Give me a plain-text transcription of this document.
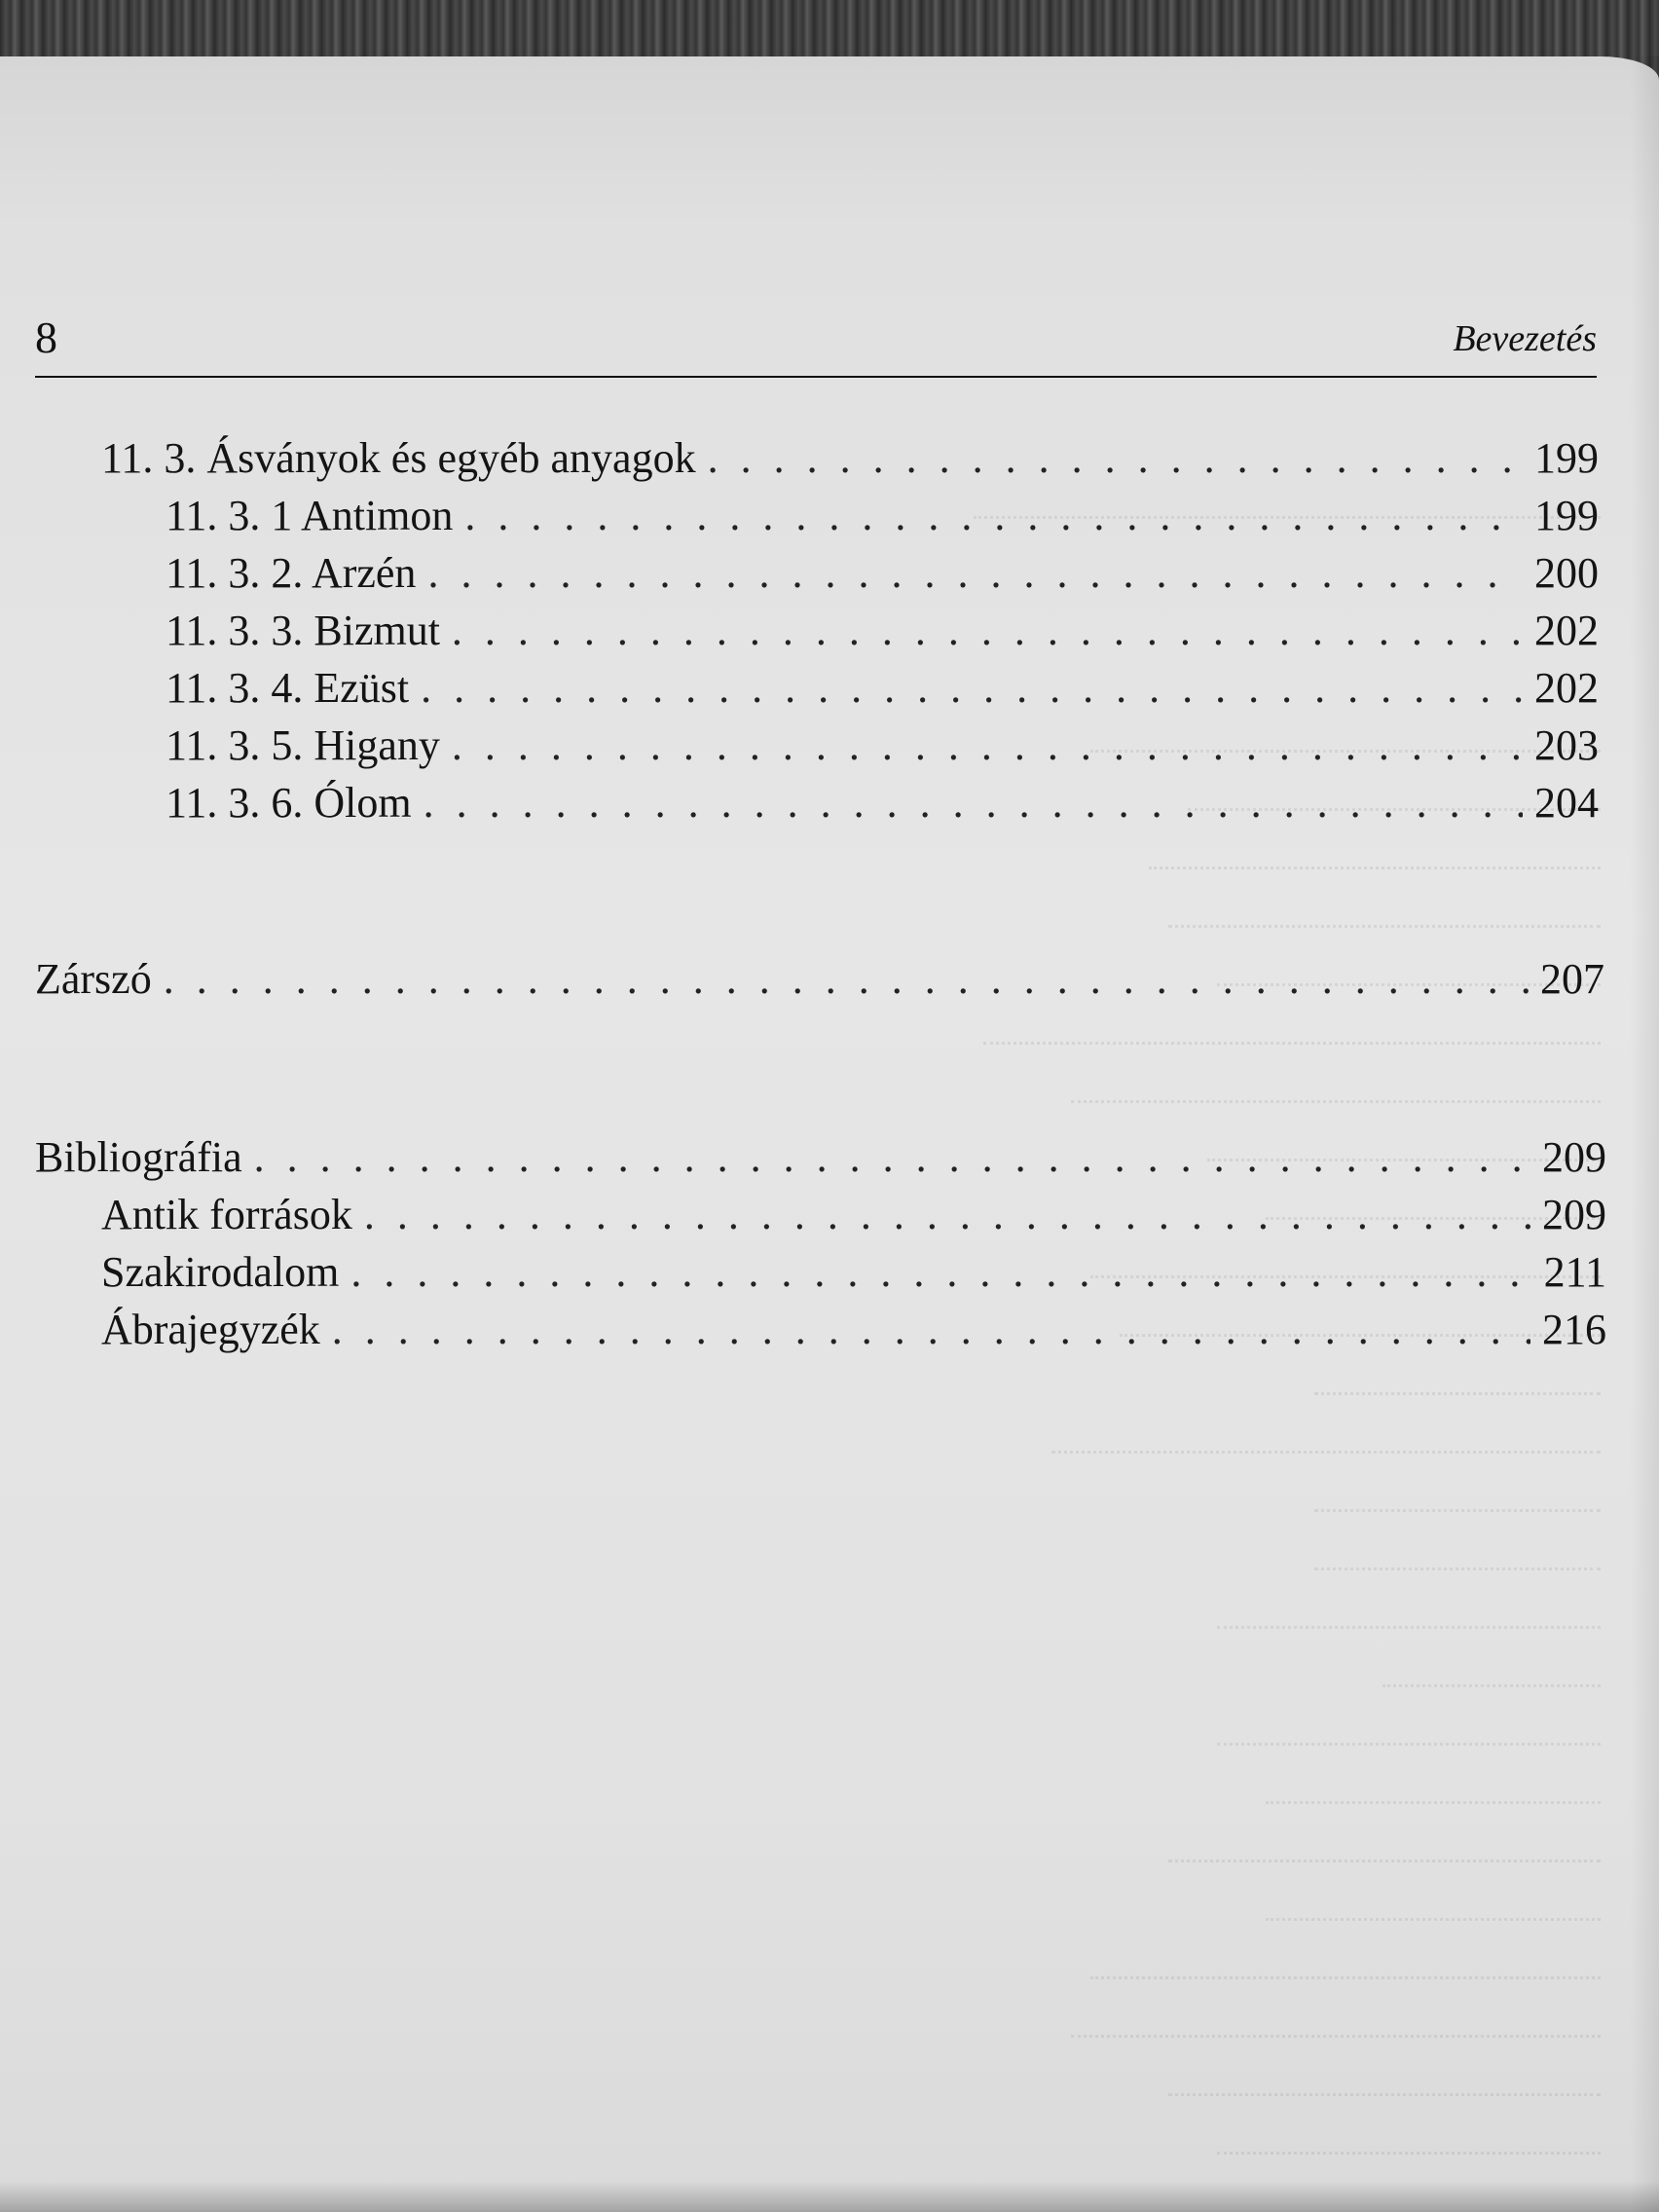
8	Bevezetés
11. 3. Ásványok és egyéb anyagok . . .	199
11. 3. 1 Antimon . . .	199
11. 3. 2. Arzén . . .	200
11. 3. 3. Bizmut . . .	202
11. 3. 4. Ezüst . . .	202
11. 3. 5. Higany . . .	203
11. 3. 6. Ólom . . .	204
Zárszó . . .	207
Bibliográfia . . .	209
Antik források . . .	209
Szakirodalom . . .	211
Ábrajegyzék . . .	216
